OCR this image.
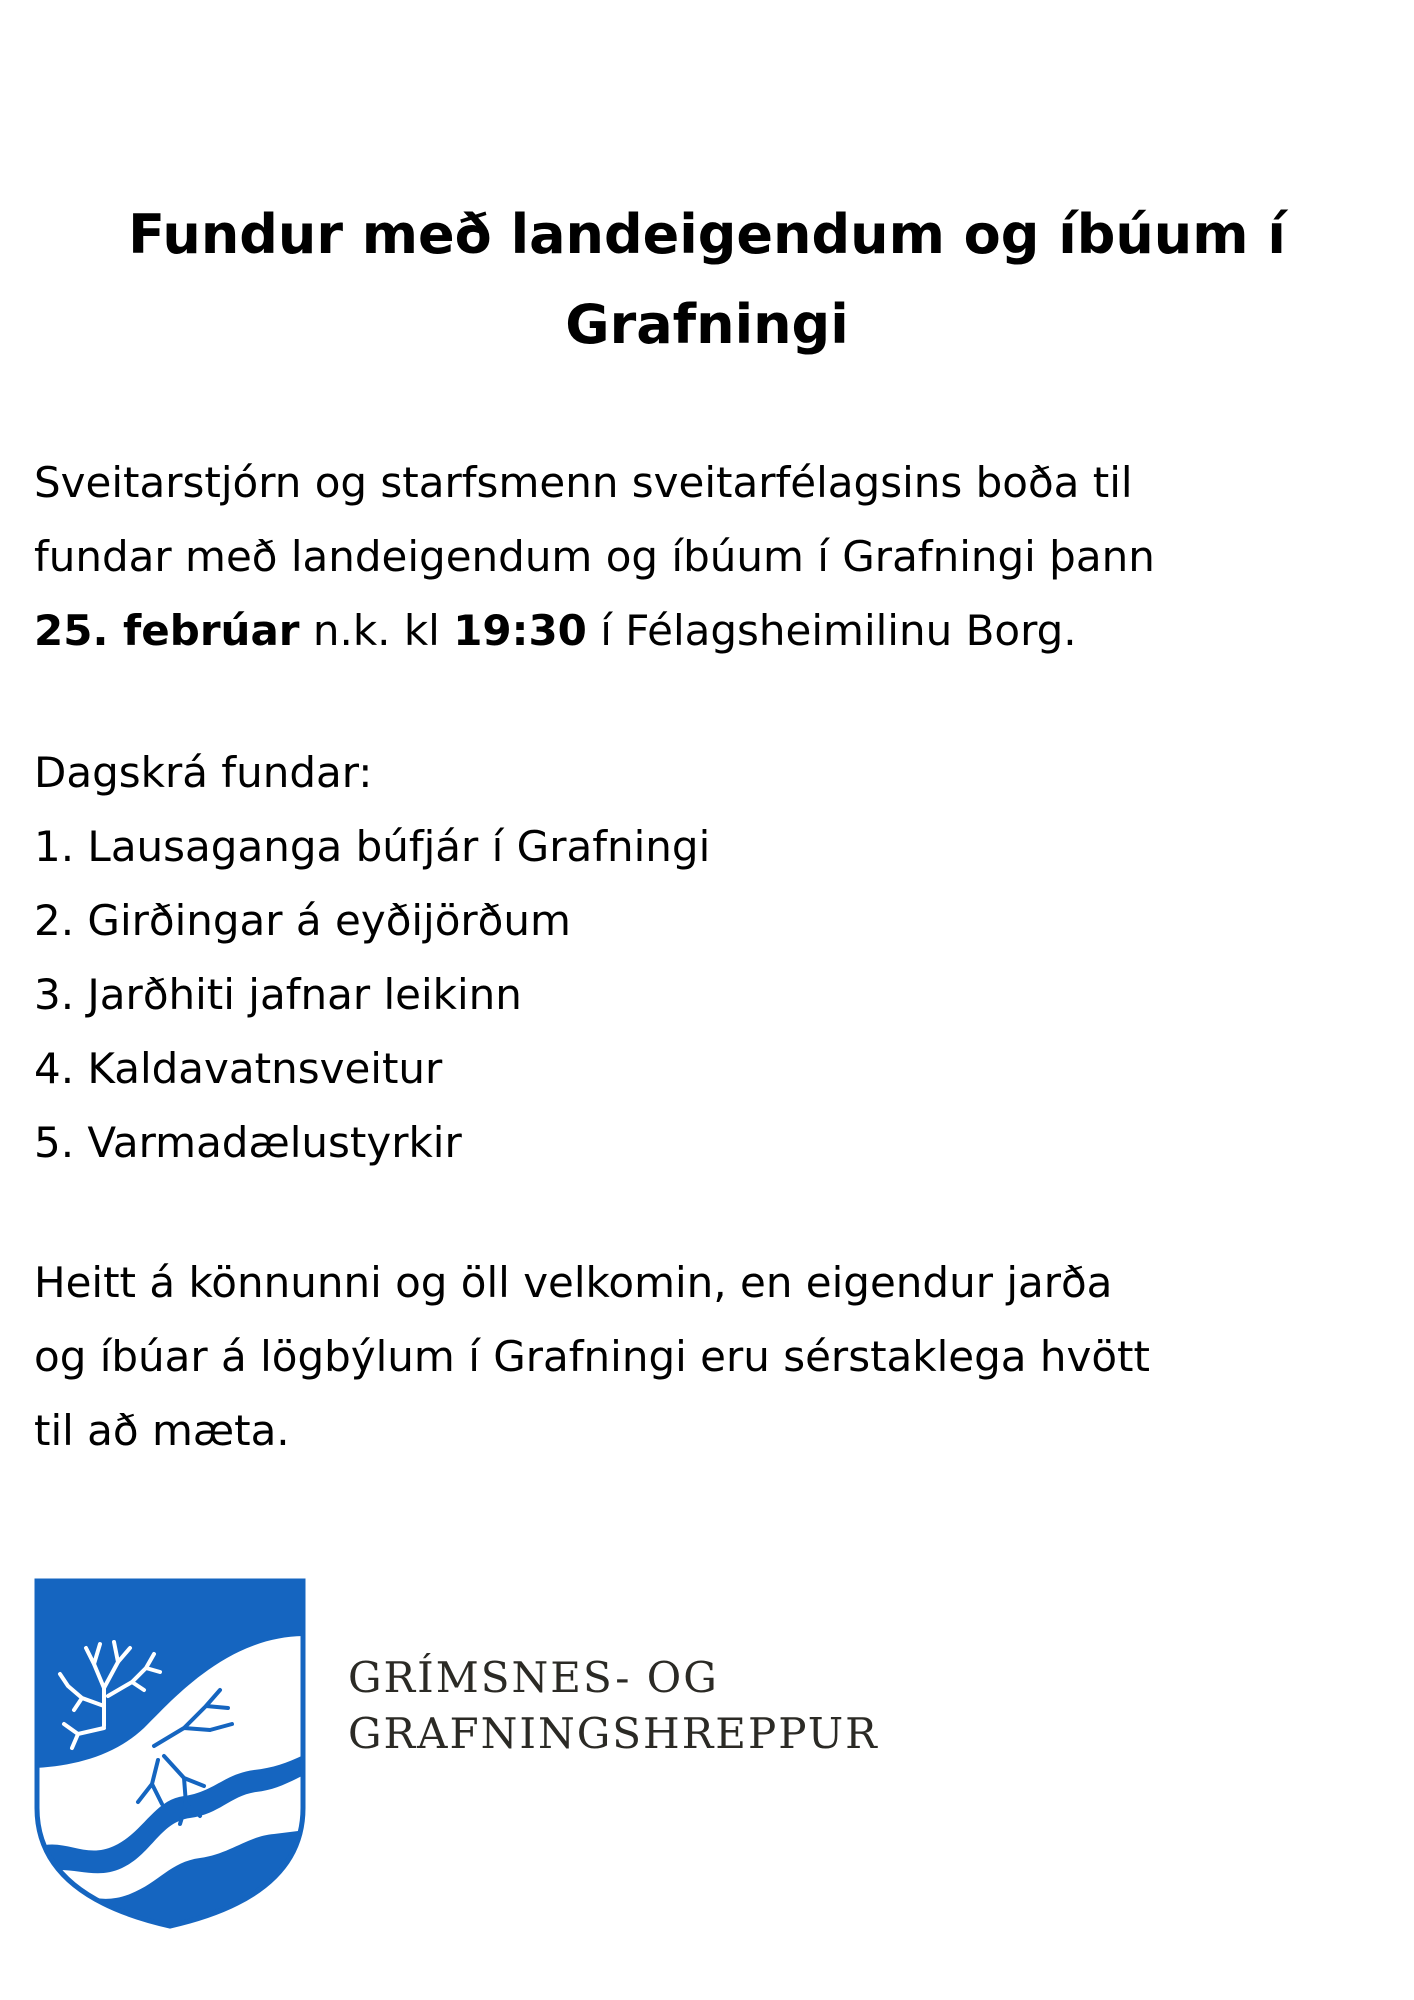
Fundur með landeigendum og íbúum í
Grafningi

Sveitarstjórn og starfsmenn sveitarfélagsins boða til
fundar með landeigendum og íbúum í Grafningi þann
25. febrúar n.k. kl 19:30 í Félagsheimilinu Borg.

Dagskrá fundar:
1. Lausaganga búfjár í Grafningi
2. Girðingar á eyðijörðum
3. Jarðhiti jafnar leikinn
4. Kaldavatnsveitur
5. Varmadælustyrkir

Heitt á könnunni og öll velkomin, en eigendur jarða
og íbúar á lögbýlum í Grafningi eru sérstaklega hvött
til að mæta.

GRÍMSNES- OG
GRAFNINGSHREPPUR
